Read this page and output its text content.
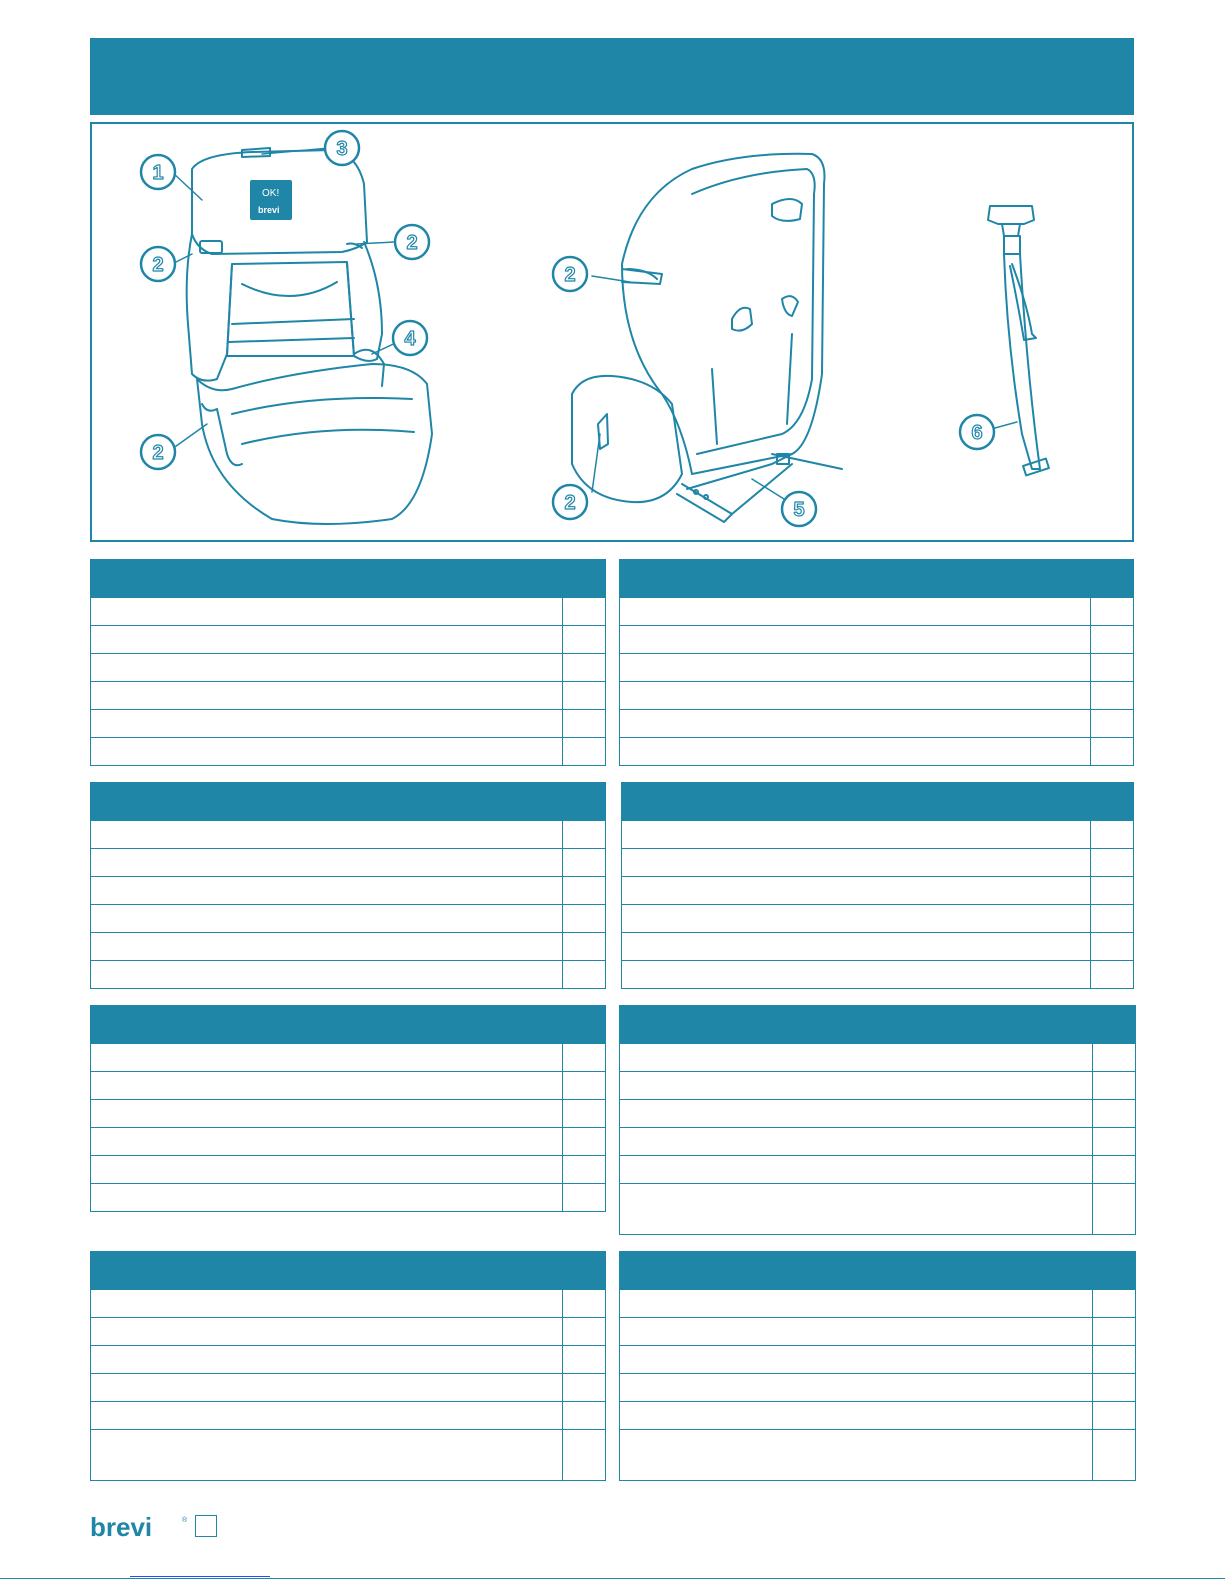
OK!
brevi
1
2
3
2
2
4
2
2	5
6
brevi	®
